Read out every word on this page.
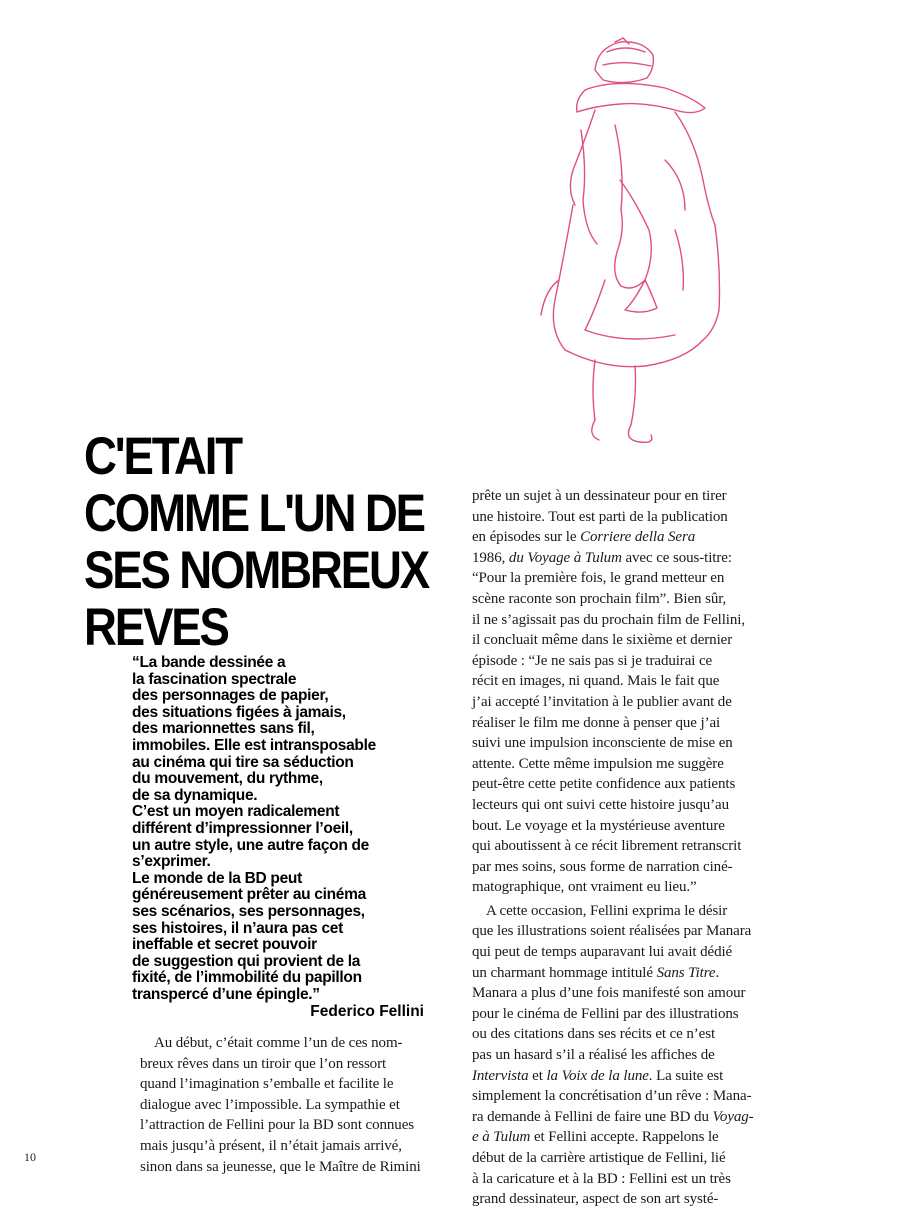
C'ETAIT
COMME L'UN DE
SES NOMBREUX
REVES
“La bande dessinée a
la fascination spectrale
des personnages de papier,
des situations figées à jamais,
des marionnettes sans fil,
immobiles. Elle est intransposable
au cinéma qui tire sa séduction
du mouvement, du rythme,
de sa dynamique.
C’est un moyen radicalement
différent d’impressionner l’oeil,
un autre style, une autre façon de
s’exprimer.
Le monde de la BD peut
généreusement prêter au cinéma
ses scénarios, ses personnages,
ses histoires, il n’aura pas cet
ineffable et secret pouvoir
de suggestion qui provient de la
fixité, de l’immobilité du papillon
transpercé d’une épingle.”
Federico Fellini
Au début, c’était comme l’un de ces nom-
breux rêves dans un tiroir que l’on ressort
quand l’imagination s’emballe et facilite le
dialogue avec l’impossible. La sympathie et
l’attraction de Fellini pour la BD sont connues
mais jusqu’à présent, il n’était jamais arrivé,
sinon dans sa jeunesse, que le Maître de Rimini
prête un sujet à un dessinateur pour en tirer
une histoire. Tout est parti de la publication
en épisodes sur le Corriere della Sera
1986, du Voyage à Tulum avec ce sous-titre:
“Pour la première fois, le grand metteur en
scène raconte son prochain film”. Bien sûr,
il ne s’agissait pas du prochain film de Fellini,
il concluait même dans le sixième et dernier
épisode : “Je ne sais pas si je traduirai ce
récit en images, ni quand. Mais le fait que
j’ai accepté l’invitation à le publier avant de
réaliser le film me donne à penser que j’ai
suivi une impulsion inconsciente de mise en
attente. Cette même impulsion me suggère
peut-être cette petite confidence aux patients
lecteurs qui ont suivi cette histoire jusqu’au
bout. Le voyage et la mystérieuse aventure
qui aboutissent à ce récit librement retranscrit
par mes soins, sous forme de narration ciné-
matographique, ont vraiment eu lieu.”
A cette occasion, Fellini exprima le désir
que les illustrations soient réalisées par Manara
qui peut de temps auparavant lui avait dédié
un charmant hommage intitulé Sans Titre.
Manara a plus d’une fois manifesté son amour
pour le cinéma de Fellini par des illustrations
ou des citations dans ses récits et ce n’est
pas un hasard s’il a réalisé les affiches de
Intervista et la Voix de la lune. La suite est
simplement la concrétisation d’un rêve : Mana-
ra demande à Fellini de faire une BD du Voyag-
e à Tulum et Fellini accepte. Rappelons le
début de la carrière artistique de Fellini, lié
à la caricature et à la BD : Fellini est un très
grand dessinateur, aspect de son art systé-
10
